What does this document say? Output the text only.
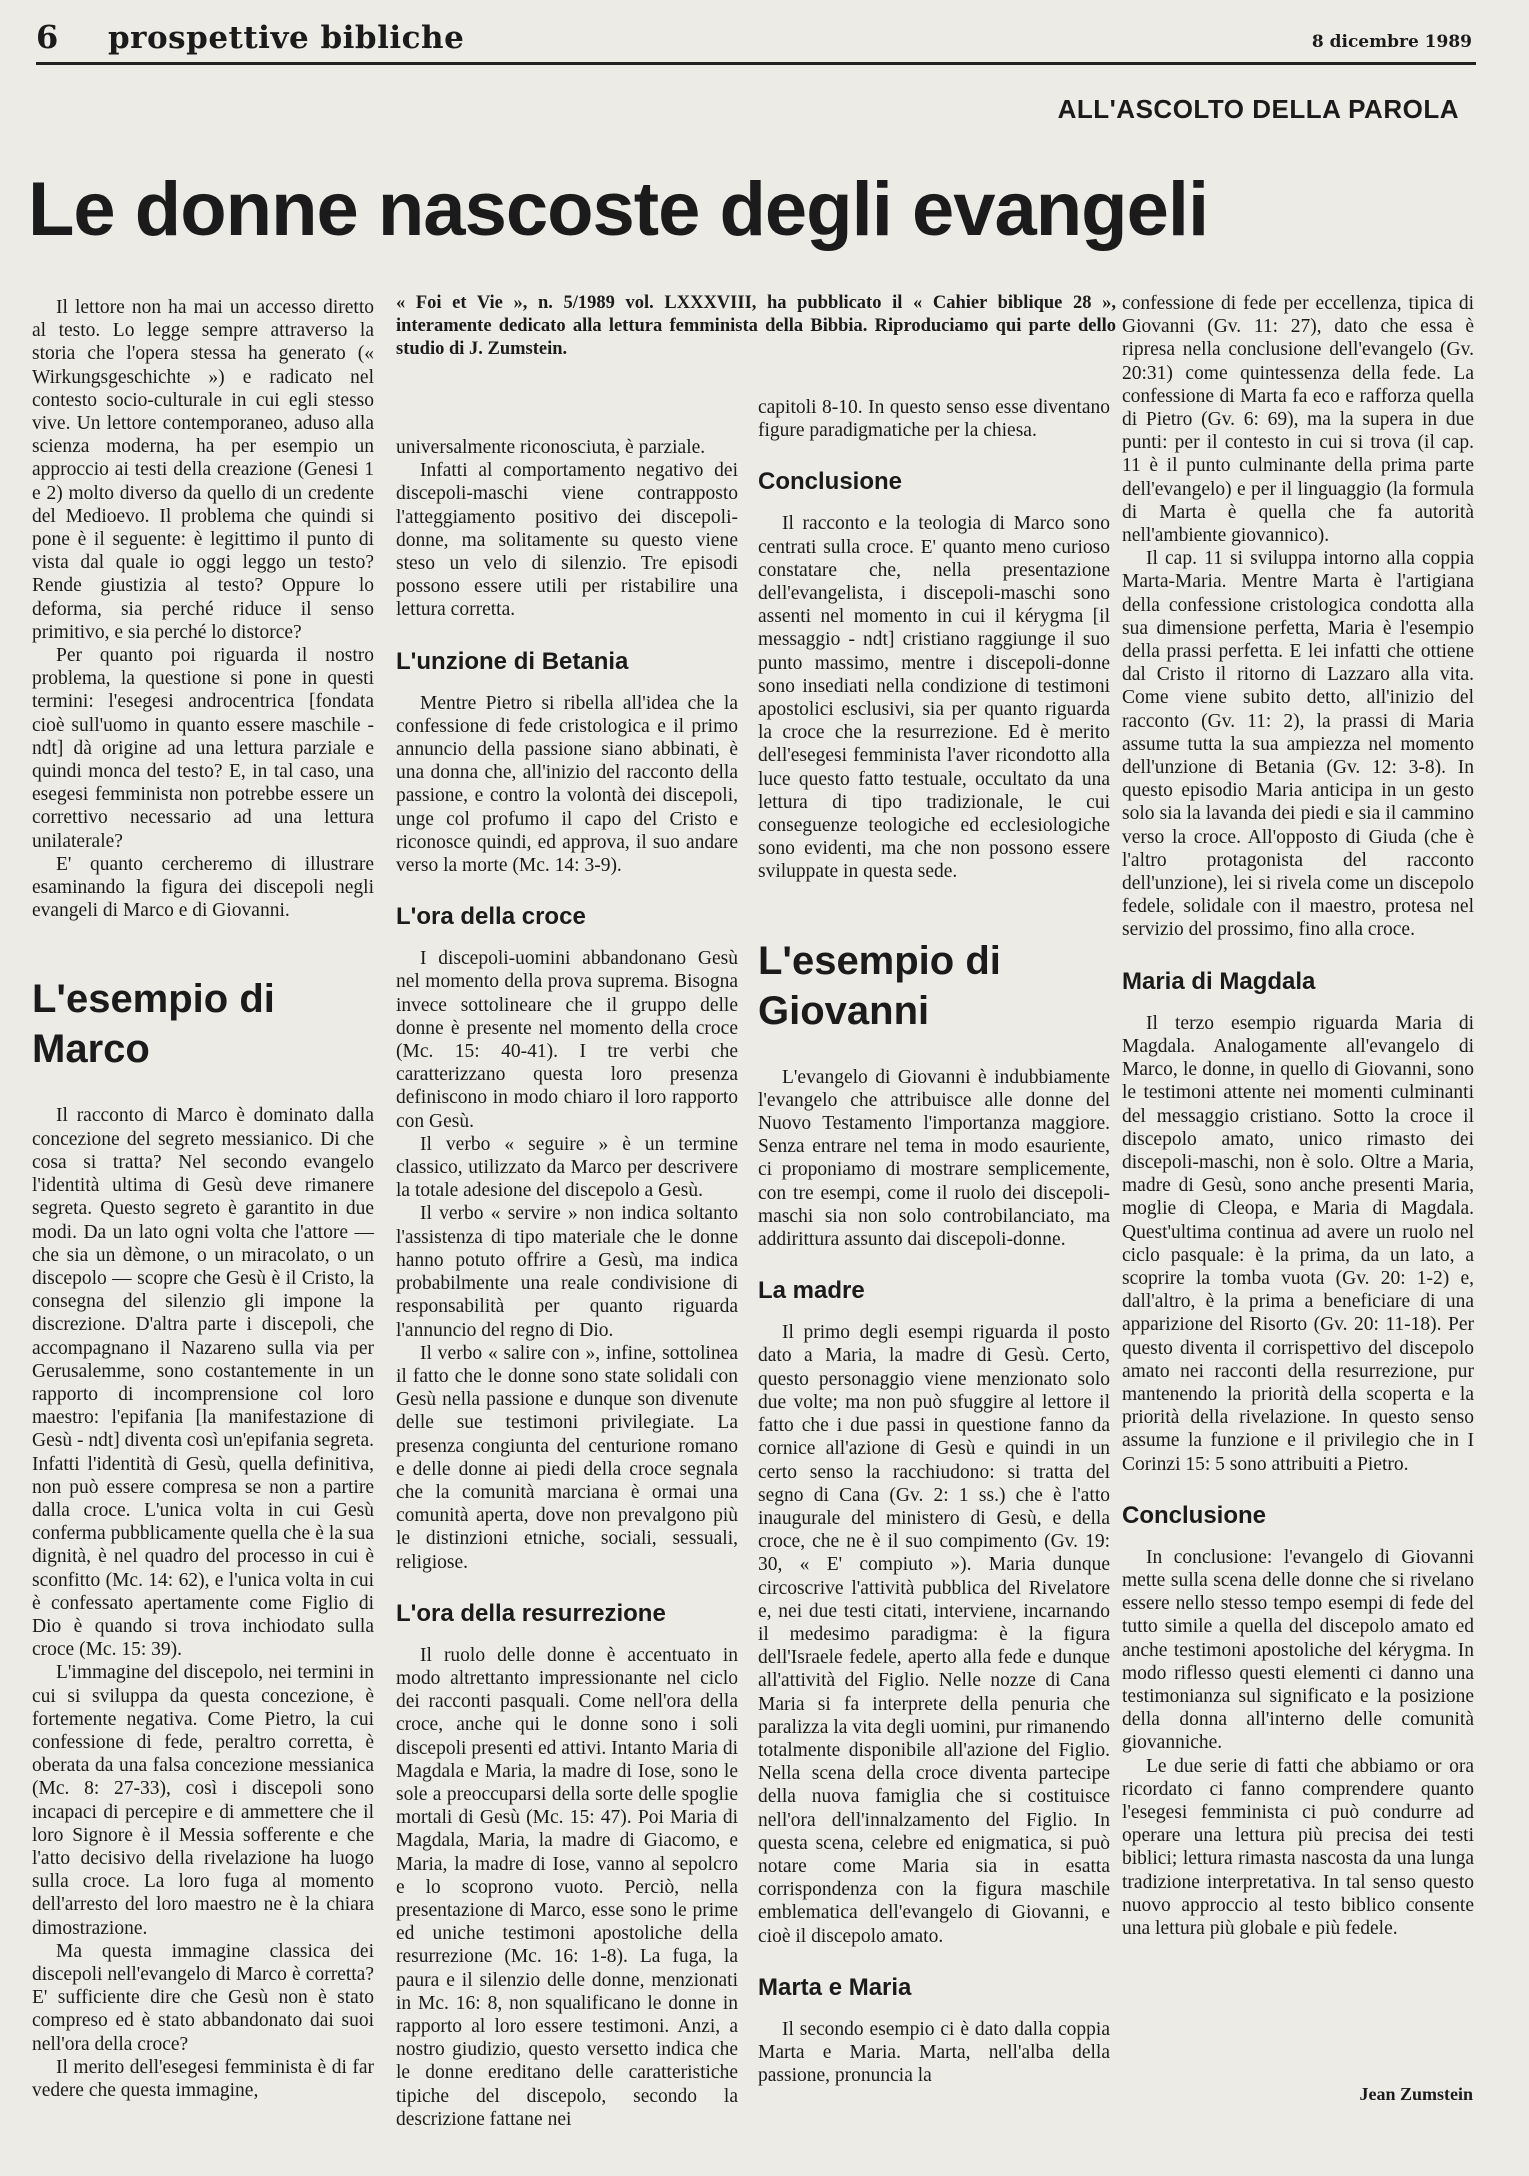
6 prospettive bibliche	8 dicembre 1989
ALL'ASCOLTO DELLA PAROLA
Le donne nascoste degli evangeli
« Foi et Vie », n. 5/1989 vol. LXXXVIII, ha pubblicato il « Cahier biblique 28 », interamente dedicato alla lettura femminista della Bibbia. Riproduciamo qui parte dello studio di J. Zumstein.

Il lettore non ha mai un accesso diretto al testo. Lo legge sempre attraverso la storia che l'opera stessa ha generato (« Wirkungsgeschichte ») e radicato nel contesto socio-culturale in cui egli stesso vive. Un lettore contemporaneo, aduso alla scienza moderna, ha per esempio un approccio ai testi della creazione (Genesi 1 e 2) molto diverso da quello di un credente del Medioevo. Il problema che quindi si pone è il seguente: è legittimo il punto di vista dal quale io oggi leggo un testo? Rende giustizia al testo? Oppure lo deforma, sia perché riduce il senso primitivo, e sia perché lo distorce?

Per quanto poi riguarda il nostro problema, la questione si pone in questi termini: l'esegesi androcentrica [fondata cioè sull'uomo in quanto essere maschile - ndt] dà origine ad una lettura parziale e quindi monca del testo? E, in tal caso, una esegesi femminista non potrebbe essere un correttivo necessario ad una lettura unilaterale?

E' quanto cercheremo di illustrare esaminando la figura dei discepoli negli evangeli di Marco e di Giovanni.

L'esempio di Marco

Il racconto di Marco è dominato dalla concezione del segreto messianico. Di che cosa si tratta? Nel secondo evangelo l'identità ultima di Gesù deve rimanere segreta. Questo segreto è garantito in due modi. Da un lato ogni volta che l'attore — che sia un dèmone, o un miracolato, o un discepolo — scopre che Gesù è il Cristo, la consegna del silenzio gli impone la discrezione. D'altra parte i discepoli, che accompagnano il Nazareno sulla via per Gerusalemme, sono costantemente in un rapporto di incomprensione col loro maestro: l'epifania [la manifestazione di Gesù - ndt] diventa così un'epifania segreta. Infatti l'identità di Gesù, quella definitiva, non può essere compresa se non a partire dalla croce. L'unica volta in cui Gesù conferma pubblicamente quella che è la sua dignità, è nel quadro del processo in cui è sconfitto (Mc. 14: 62), e l'unica volta in cui è confessato apertamente come Figlio di Dio è quando si trova inchiodato sulla croce (Mc. 15: 39).

L'immagine del discepolo, nei termini in cui si sviluppa da questa concezione, è fortemente negativa. Come Pietro, la cui confessione di fede, peraltro corretta, è oberata da una falsa concezione messianica (Mc. 8: 27-33), così i discepoli sono incapaci di percepire e di ammettere che il loro Signore è il Messia sofferente e che l'atto decisivo della rivelazione ha luogo sulla croce. La loro fuga al momento dell'arresto del loro maestro ne è la chiara dimostrazione.

Ma questa immagine classica dei discepoli nell'evangelo di Marco è corretta? E' sufficiente dire che Gesù non è stato compreso ed è stato abbandonato dai suoi nell'ora della croce?

Il merito dell'esegesi femminista è di far vedere che questa immagine,

universalmente riconosciuta, è parziale.

Infatti al comportamento negativo dei discepoli-maschi viene contrapposto l'atteggiamento positivo dei discepoli-donne, ma solitamente su questo viene steso un velo di silenzio. Tre episodi possono essere utili per ristabilire una lettura corretta.

L'unzione di Betania

Mentre Pietro si ribella all'idea che la confessione di fede cristologica e il primo annuncio della passione siano abbinati, è una donna che, all'inizio del racconto della passione, e contro la volontà dei discepoli, unge col profumo il capo del Cristo e riconosce quindi, ed approva, il suo andare verso la morte (Mc. 14: 3-9).

L'ora della croce

I discepoli-uomini abbandonano Gesù nel momento della prova suprema. Bisogna invece sottolineare che il gruppo delle donne è presente nel momento della croce (Mc. 15: 40-41). I tre verbi che caratterizzano questa loro presenza definiscono in modo chiaro il loro rapporto con Gesù.

Il verbo « seguire » è un termine classico, utilizzato da Marco per descrivere la totale adesione del discepolo a Gesù.

Il verbo « servire » non indica soltanto l'assistenza di tipo materiale che le donne hanno potuto offrire a Gesù, ma indica probabilmente una reale condivisione di responsabilità per quanto riguarda l'annuncio del regno di Dio.

Il verbo « salire con », infine, sottolinea il fatto che le donne sono state solidali con Gesù nella passione e dunque son divenute delle sue testimoni privilegiate. La presenza congiunta del centurione romano e delle donne ai piedi della croce segnala che la comunità marciana è ormai una comunità aperta, dove non prevalgono più le distinzioni etniche, sociali, sessuali, religiose.

L'ora della resurrezione

Il ruolo delle donne è accentuato in modo altrettanto impressionante nel ciclo dei racconti pasquali. Come nell'ora della croce, anche qui le donne sono i soli discepoli presenti ed attivi. Intanto Maria di Magdala e Maria, la madre di Iose, sono le sole a preoccuparsi della sorte delle spoglie mortali di Gesù (Mc. 15: 47). Poi Maria di Magdala, Maria, la madre di Giacomo, e Maria, la madre di Iose, vanno al sepolcro e lo scoprono vuoto. Perciò, nella presentazione di Marco, esse sono le prime ed uniche testimoni apostoliche della resurrezione (Mc. 16: 1-8). La fuga, la paura e il silenzio delle donne, menzionati in Mc. 16: 8, non squalificano le donne in rapporto al loro essere testimoni. Anzi, a nostro giudizio, questo versetto indica che le donne ereditano delle caratteristiche tipiche del discepolo, secondo la descrizione fattane nei

capitoli 8-10. In questo senso esse diventano figure paradigmatiche per la chiesa.

Conclusione

Il racconto e la teologia di Marco sono centrati sulla croce. E' quanto meno curioso constatare che, nella presentazione dell'evangelista, i discepoli-maschi sono assenti nel momento in cui il kérygma [il messaggio - ndt] cristiano raggiunge il suo punto massimo, mentre i discepoli-donne sono insediati nella condizione di testimoni apostolici esclusivi, sia per quanto riguarda la croce che la resurrezione. Ed è merito dell'esegesi femminista l'aver ricondotto alla luce questo fatto testuale, occultato da una lettura di tipo tradizionale, le cui conseguenze teologiche ed ecclesiologiche sono evidenti, ma che non possono essere sviluppate in questa sede.

L'esempio di Giovanni

L'evangelo di Giovanni è indubbiamente l'evangelo che attribuisce alle donne del Nuovo Testamento l'importanza maggiore. Senza entrare nel tema in modo esauriente, ci proponiamo di mostrare semplicemente, con tre esempi, come il ruolo dei discepoli-maschi sia non solo controbilanciato, ma addirittura assunto dai discepoli-donne.

La madre

Il primo degli esempi riguarda il posto dato a Maria, la madre di Gesù. Certo, questo personaggio viene menzionato solo due volte; ma non può sfuggire al lettore il fatto che i due passi in questione fanno da cornice all'azione di Gesù e quindi in un certo senso la racchiudono: si tratta del segno di Cana (Gv. 2: 1 ss.) che è l'atto inaugurale del ministero di Gesù, e della croce, che ne è il suo compimento (Gv. 19: 30, « E' compiuto »). Maria dunque circoscrive l'attività pubblica del Rivelatore e, nei due testi citati, interviene, incarnando il medesimo paradigma: è la figura dell'Israele fedele, aperto alla fede e dunque all'attività del Figlio. Nelle nozze di Cana Maria si fa interprete della penuria che paralizza la vita degli uomini, pur rimanendo totalmente disponibile all'azione del Figlio. Nella scena della croce diventa partecipe della nuova famiglia che si costituisce nell'ora dell'innalzamento del Figlio. In questa scena, celebre ed enigmatica, si può notare come Maria sia in esatta corrispondenza con la figura maschile emblematica dell'evangelo di Giovanni, e cioè il discepolo amato.

Marta e Maria

Il secondo esempio ci è dato dalla coppia Marta e Maria. Marta, nell'alba della passione, pronuncia la

confessione di fede per eccellenza, tipica di Giovanni (Gv. 11: 27), dato che essa è ripresa nella conclusione dell'evangelo (Gv. 20:31) come quintessenza della fede. La confessione di Marta fa eco e rafforza quella di Pietro (Gv. 6: 69), ma la supera in due punti: per il contesto in cui si trova (il cap. 11 è il punto culminante della prima parte dell'evangelo) e per il linguaggio (la formula di Marta è quella che fa autorità nell'ambiente giovannico).

Il cap. 11 si sviluppa intorno alla coppia Marta-Maria. Mentre Marta è l'artigiana della confessione cristologica condotta alla sua dimensione perfetta, Maria è l'esempio della prassi perfetta. E lei infatti che ottiene dal Cristo il ritorno di Lazzaro alla vita. Come viene subito detto, all'inizio del racconto (Gv. 11: 2), la prassi di Maria assume tutta la sua ampiezza nel momento dell'unzione di Betania (Gv. 12: 3-8). In questo episodio Maria anticipa in un gesto solo sia la lavanda dei piedi e sia il cammino verso la croce. All'opposto di Giuda (che è l'altro protagonista del racconto dell'unzione), lei si rivela come un discepolo fedele, solidale con il maestro, protesa nel servizio del prossimo, fino alla croce.

Maria di Magdala

Il terzo esempio riguarda Maria di Magdala. Analogamente all'evangelo di Marco, le donne, in quello di Giovanni, sono le testimoni attente nei momenti culminanti del messaggio cristiano. Sotto la croce il discepolo amato, unico rimasto dei discepoli-maschi, non è solo. Oltre a Maria, madre di Gesù, sono anche presenti Maria, moglie di Cleopa, e Maria di Magdala. Quest'ultima continua ad avere un ruolo nel ciclo pasquale: è la prima, da un lato, a scoprire la tomba vuota (Gv. 20: 1-2) e, dall'altro, è la prima a beneficiare di una apparizione del Risorto (Gv. 20: 11-18). Per questo diventa il corrispettivo del discepolo amato nei racconti della resurrezione, pur mantenendo la priorità della scoperta e la priorità della rivelazione. In questo senso assume la funzione e il privilegio che in I Corinzi 15: 5 sono attribuiti a Pietro.

Conclusione

In conclusione: l'evangelo di Giovanni mette sulla scena delle donne che si rivelano essere nello stesso tempo esempi di fede del tutto simile a quella del discepolo amato ed anche testimoni apostoliche del kérygma. In modo riflesso questi elementi ci danno una testimonianza sul significato e la posizione della donna all'interno delle comunità giovanniche.

Le due serie di fatti che abbiamo or ora ricordato ci fanno comprendere quanto l'esegesi femminista ci può condurre ad operare una lettura più precisa dei testi biblici; lettura rimasta nascosta da una lunga tradizione interpretativa. In tal senso questo nuovo approccio al testo biblico consente una lettura più globale e più fedele.

Jean Zumstein
